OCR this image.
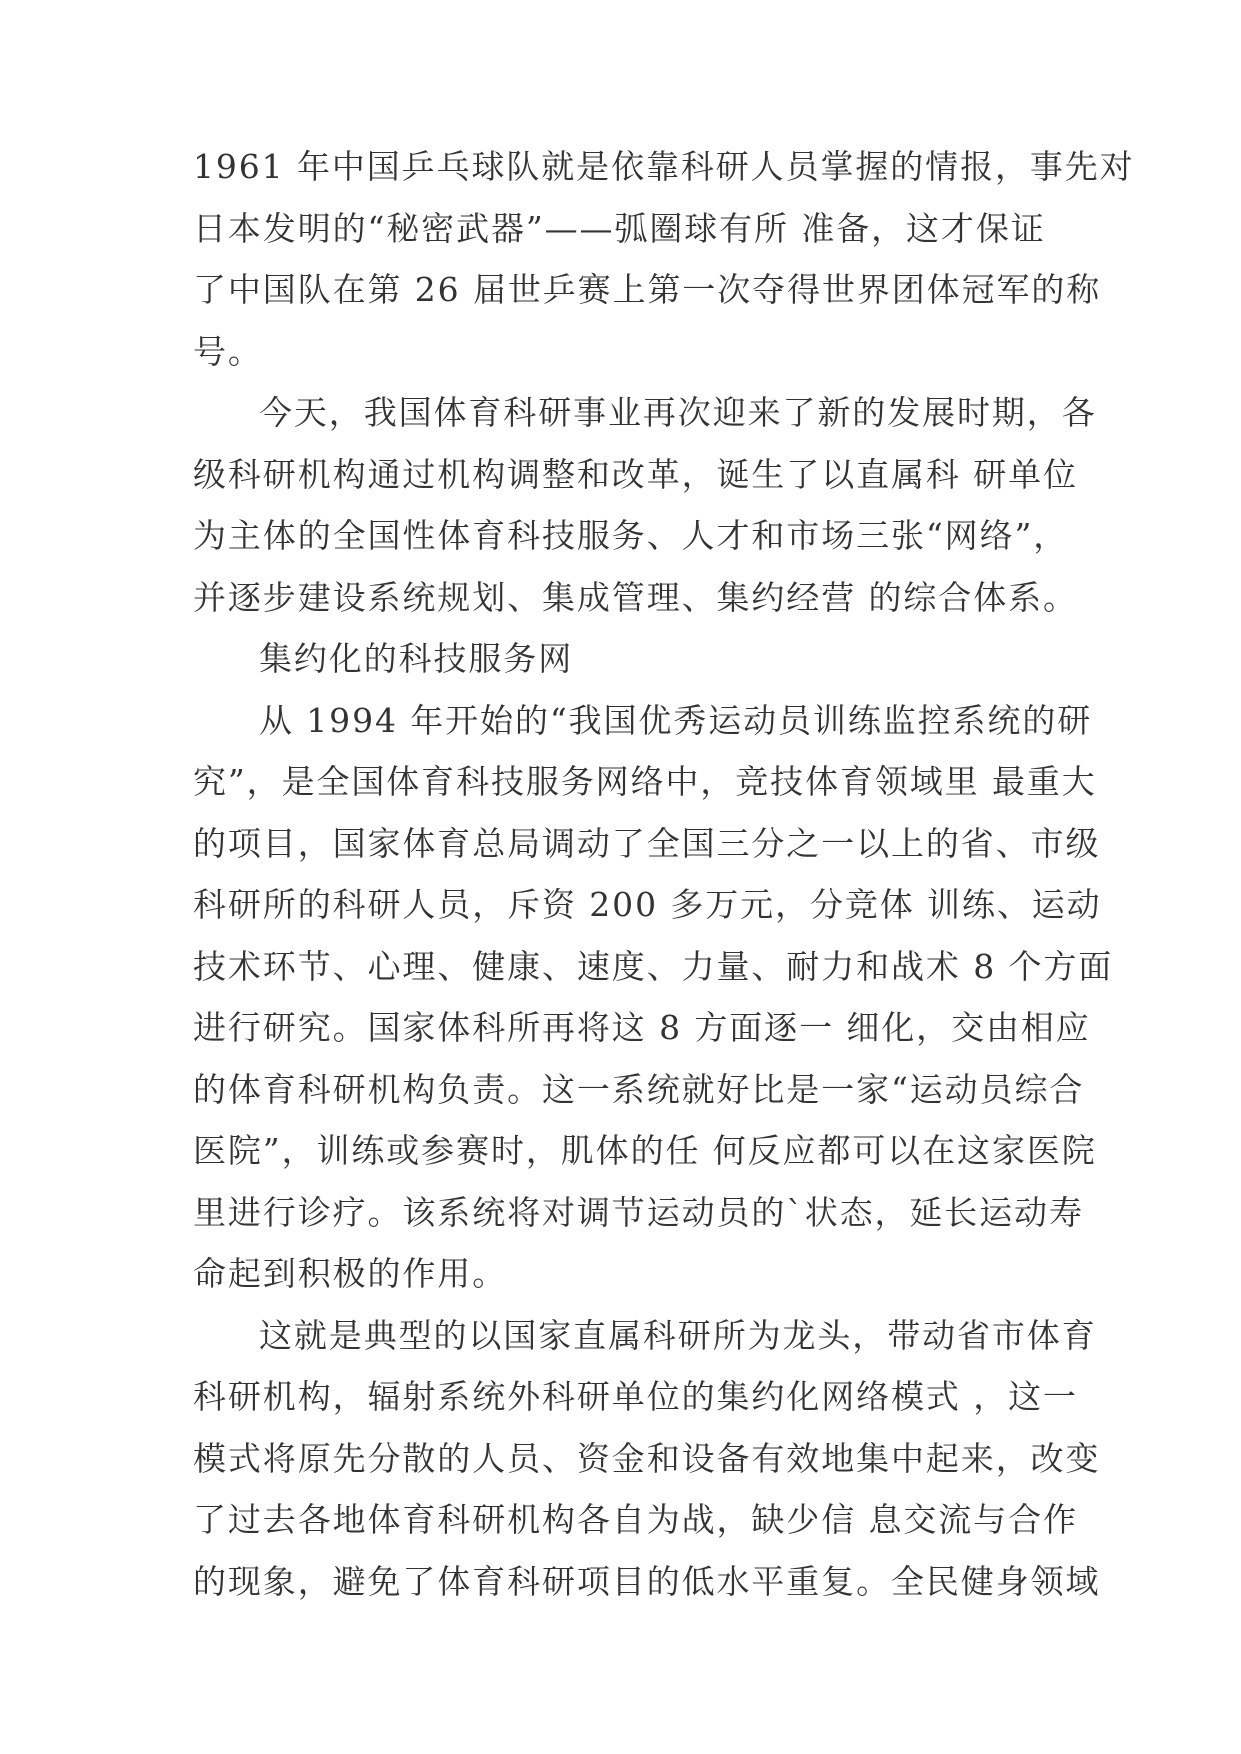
1961 年中国乒乓球队就是依靠科研人员掌握的情报，事先对
日本发明的“秘密武器”——弧圈球有所 准备，这才保证
了中国队在第 26 届世乒赛上第一次夺得世界团体冠军的称
号。
今天，我国体育科研事业再次迎来了新的发展时期，各
级科研机构通过机构调整和改革，诞生了以直属科 研单位
为主体的全国性体育科技服务、人才和市场三张“网络”，
并逐步建设系统规划、集成管理、集约经营 的综合体系。
集约化的科技服务网
从 1994 年开始的“我国优秀运动员训练监控系统的研
究”，是全国体育科技服务网络中，竞技体育领域里 最重大
的项目，国家体育总局调动了全国三分之一以上的省、市级
科研所的科研人员，斥资 200 多万元，分竞体 训练、运动
技术环节、心理、健康、速度、力量、耐力和战术 8 个方面
进行研究。国家体科所再将这 8 方面逐一 细化，交由相应
的体育科研机构负责。这一系统就好比是一家“运动员综合
医院”，训练或参赛时，肌体的任 何反应都可以在这家医院
里进行诊疗。该系统将对调节运动员的`状态，延长运动寿
命起到积极的作用。
这就是典型的以国家直属科研所为龙头，带动省市体育
科研机构，辐射系统外科研单位的集约化网络模式 ，这一
模式将原先分散的人员、资金和设备有效地集中起来，改变
了过去各地体育科研机构各自为战，缺少信 息交流与合作
的现象，避免了体育科研项目的低水平重复。全民健身领域
